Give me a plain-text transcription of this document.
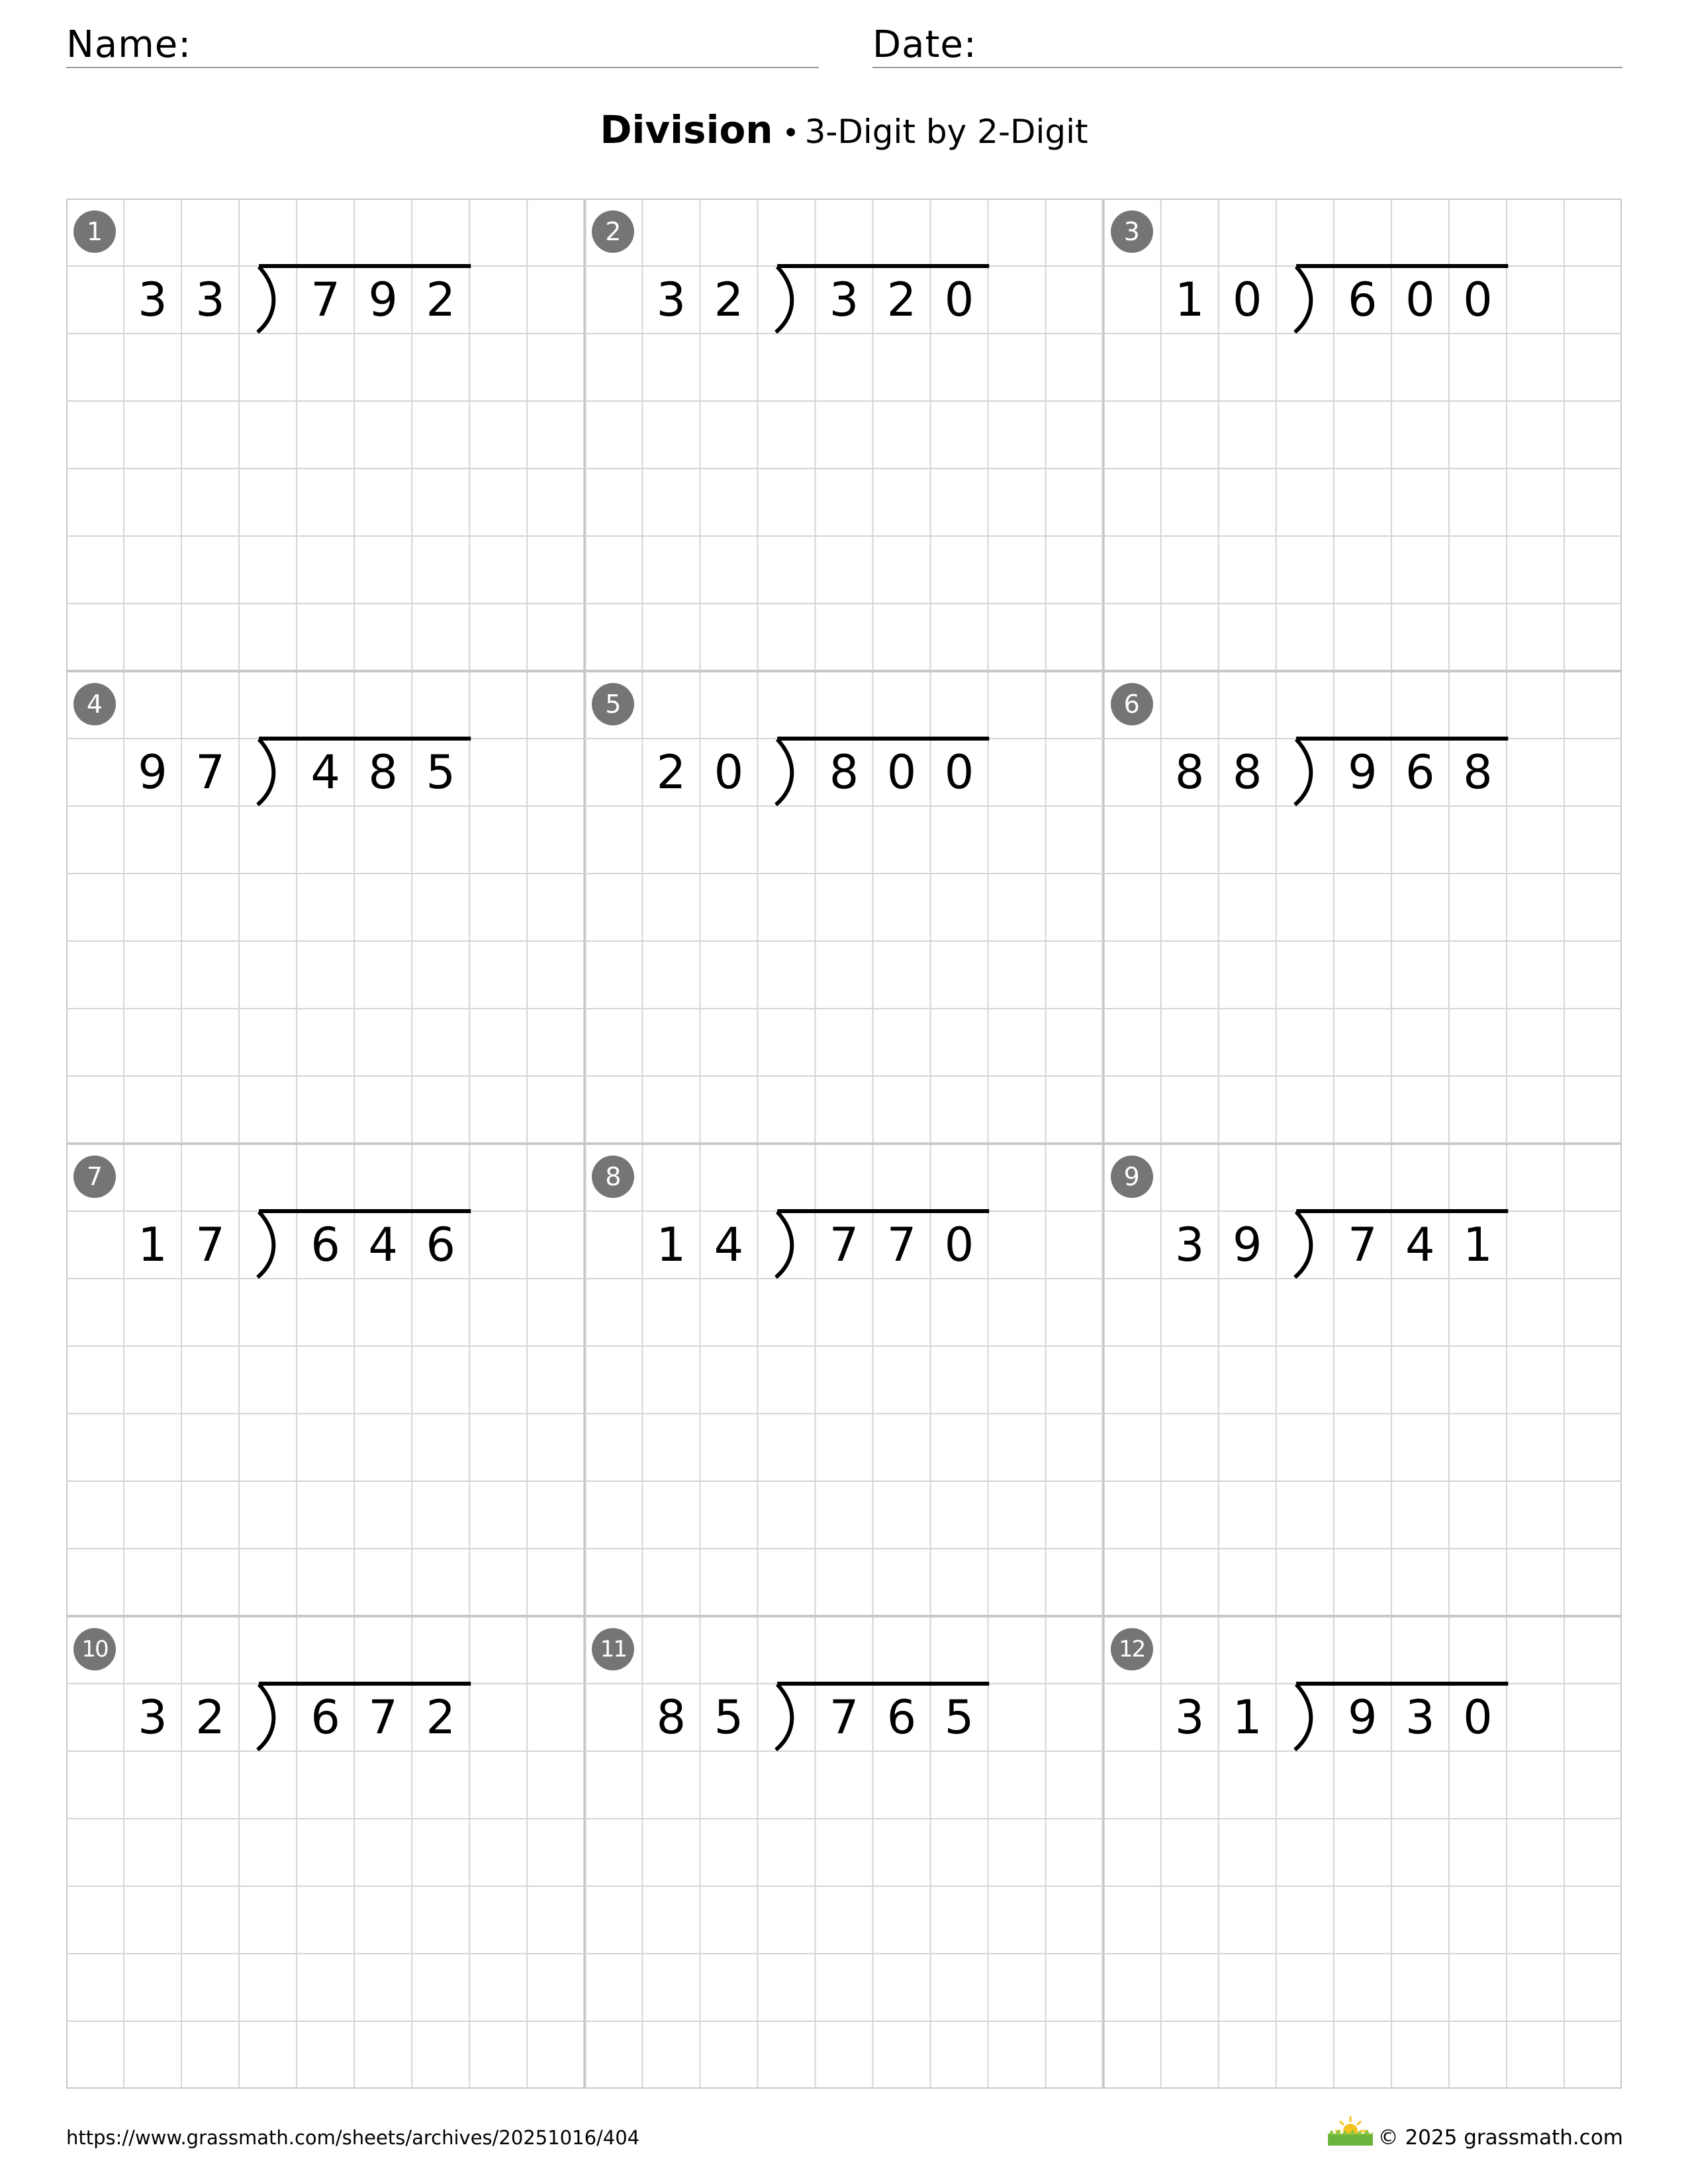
Name:	Date:
Division • 3-Digit by 2-Digit
1
3 3	7 9 2
2
3 2	3 2 0
3
1 0	6 0 0
4
9 7	4 8 5
5
2 0	8 0 0
6
8 8	9 6 8
7
1 7	6 4 6
8
1 4	7 7 0
9
3 9	7 4 1
10
3 2	6 7 2
11
8 5	7 6 5
12
3 1	9 3 0
https://www.grassmath.com/sheets/archives/20251016/404	© 2025 grassmath.com
